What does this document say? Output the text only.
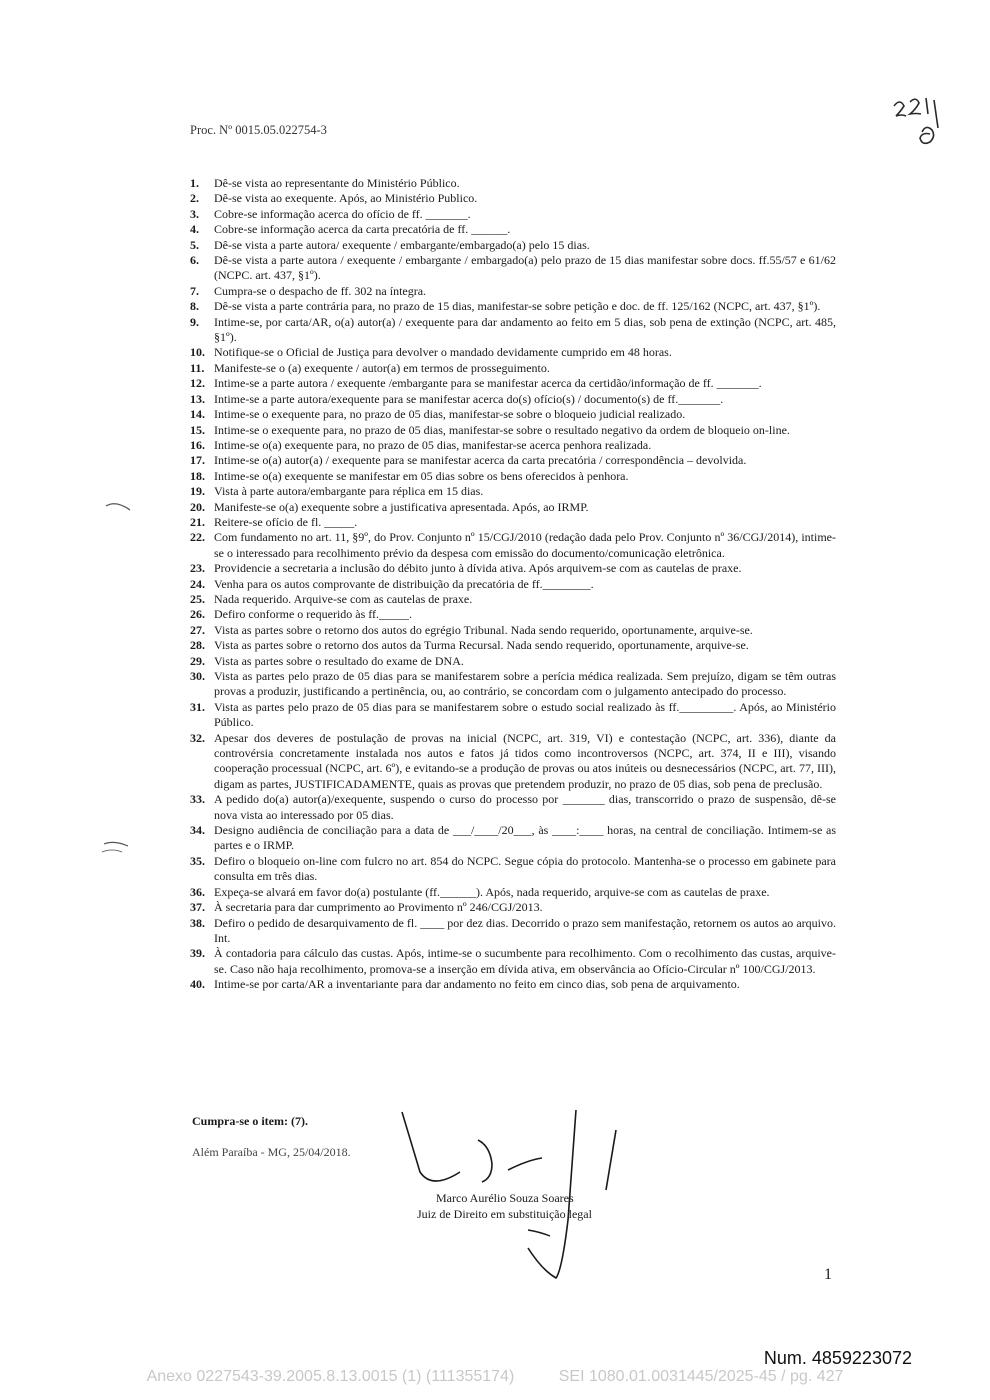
Proc. Nº 0015.05.022754-3
1. Dê-se vista ao representante do Ministério Público.
2. Dê-se vista ao exequente. Após, ao Ministério Publico.
3. Cobre-se informação acerca do ofício de ff. _______.
4. Cobre-se informação acerca da carta precatória de ff. ______.
5. Dê-se vista a parte autora/ exequente / embargante/embargado(a) pelo 15 dias.
6. Dê-se vista a parte autora / exequente / embargante / embargado(a) pelo prazo de 15 dias manifestar sobre docs. ff.55/57 e 61/62 (NCPC. art. 437, §1º).
7. Cumpra-se o despacho de ff. 302 na íntegra.
8. Dê-se vista a parte contrária para, no prazo de 15 dias, manifestar-se sobre petição e doc. de ff. 125/162 (NCPC, art. 437, §1º).
9. Intime-se, por carta/AR, o(a) autor(a) / exequente para dar andamento ao feito em 5 dias, sob pena de extinção (NCPC, art. 485, §1º).
10. Notifique-se o Oficial de Justiça para devolver o mandado devidamente cumprido em 48 horas.
11. Manifeste-se o (a) exequente / autor(a) em termos de prosseguimento.
12. Intime-se a parte autora / exequente /embargante para se manifestar acerca da certidão/informação de ff. _______.
13. Intime-se a parte autora/exequente para se manifestar acerca do(s) ofício(s) / documento(s) de ff._______.
14. Intime-se o exequente para, no prazo de 05 dias, manifestar-se sobre o bloqueio judicial realizado.
15. Intime-se o exequente para, no prazo de 05 dias, manifestar-se sobre o resultado negativo da ordem de bloqueio on-line.
16. Intime-se o(a) exequente para, no prazo de 05 dias, manifestar-se acerca penhora realizada.
17. Intime-se o(a) autor(a) / exequente para se manifestar acerca da carta precatória / correspondência – devolvida.
18. Intime-se o(a) exequente se manifestar em 05 dias sobre os bens oferecidos à penhora.
19. Vista à parte autora/embargante para réplica em 15 dias.
20. Manifeste-se o(a) exequente sobre a justificativa apresentada. Após, ao IRMP.
21. Reitere-se ofício de fl. _____.
22. Com fundamento no art. 11, §9º, do Prov. Conjunto nº 15/CGJ/2010 (redação dada pelo Prov. Conjunto nº 36/CGJ/2014), intime-se o interessado para recolhimento prévio da despesa com emissão do documento/comunicação eletrônica.
23. Providencie a secretaria a inclusão do débito junto à dívida ativa. Após arquivem-se com as cautelas de praxe.
24. Venha para os autos comprovante de distribuição da precatória de ff.________.
25. Nada requerido. Arquive-se com as cautelas de praxe.
26. Defiro conforme o requerido às ff._____.
27. Vista as partes sobre o retorno dos autos do egrégio Tribunal. Nada sendo requerido, oportunamente, arquive-se.
28. Vista as partes sobre o retorno dos autos da Turma Recursal. Nada sendo requerido, oportunamente, arquive-se.
29. Vista as partes sobre o resultado do exame de DNA.
30. Vista as partes pelo prazo de 05 dias para se manifestarem sobre a perícia médica realizada. Sem prejuízo, digam se têm outras provas a produzir, justificando a pertinência, ou, ao contrário, se concordam com o julgamento antecipado do processo.
31. Vista as partes pelo prazo de 05 dias para se manifestarem sobre o estudo social realizado às ff._________. Após, ao Ministério Público.
32. Apesar dos deveres de postulação de provas na inicial (NCPC, art. 319, VI) e contestação (NCPC, art. 336), diante da controvérsia concretamente instalada nos autos e fatos já tidos como incontroversos (NCPC, art. 374, II e III), visando cooperação processual (NCPC, art. 6º), e evitando-se a produção de provas ou atos inúteis ou desnecessários (NCPC, art. 77, III), digam as partes, JUSTIFICADAMENTE, quais as provas que pretendem produzir, no prazo de 05 dias, sob pena de preclusão.
33. A pedido do(a) autor(a)/exequente, suspendo o curso do processo por _______ dias, transcorrido o prazo de suspensão, dê-se nova vista ao interessado por 05 dias.
34. Designo audiência de conciliação para a data de ___/____/20___, às ____:____ horas, na central de conciliação. Intimem-se as partes e o IRMP.
35. Defiro o bloqueio on-line com fulcro no art. 854 do NCPC. Segue cópia do protocolo. Mantenha-se o processo em gabinete para consulta em três dias.
36. Expeça-se alvará em favor do(a) postulante (ff.______). Após, nada requerido, arquive-se com as cautelas de praxe.
37. À secretaria para dar cumprimento ao Provimento nº 246/CGJ/2013.
38. Defiro o pedido de desarquivamento de fl. ____ por dez dias. Decorrido o prazo sem manifestação, retornem os autos ao arquivo. Int.
39. À contadoria para cálculo das custas. Após, intime-se o sucumbente para recolhimento. Com o recolhimento das custas, arquive-se. Caso não haja recolhimento, promova-se a inserção em dívida ativa, em observância ao Ofício-Circular nº 100/CGJ/2013.
40. Intime-se por carta/AR a inventariante para dar andamento no feito em cinco dias, sob pena de arquivamento.
Cumpra-se o item: (7).
Além Paraíba - MG, 25/04/2018.
Marco Aurélio Souza Soares
Juiz de Direito em substituição legal
1
Num. 4859223072
Anexo 0227543-39.2005.8.13.0015 (1) (111355174)	SEI 1080.01.0031445/2025-45 / pg. 427
